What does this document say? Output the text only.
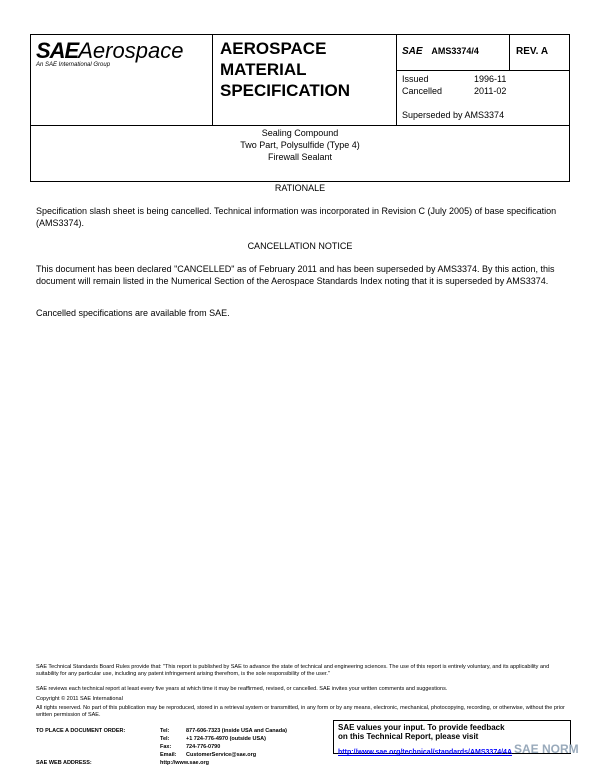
SAEAerospace
An SAE International Group
AEROSPACE
MATERIAL
SPECIFICATION
SAE AMS3374/4	REV. A
Issued	1996-11
Cancelled	2011-02
Superseded by AMS3374
Sealing Compound
Two Part, Polysulfide (Type 4)
Firewall Sealant
RATIONALE
Specification slash sheet is being cancelled. Technical information was incorporated in Revision C (July 2005) of base specification (AMS3374).
CANCELLATION NOTICE
This document has been declared "CANCELLED" as of February 2011 and has been superseded by AMS3374. By this action, this document will remain listed in the Numerical Section of the Aerospace Standards Index noting that it is superseded by AMS3374.
Cancelled specifications are available from SAE.
SAE Technical Standards Board Rules provide that: "This report is published by SAE to advance the state of technical and engineering sciences. The use of this report is entirely voluntary, and its applicability and suitability for any particular use, including any patent infringement arising therefrom, is the sole responsibility of the user."
SAE reviews each technical report at least every five years at which time it may be reaffirmed, revised, or cancelled. SAE invites your written comments and suggestions.
Copyright © 2011 SAE International
All rights reserved. No part of this publication may be reproduced, stored in a retrieval system or transmitted, in any form or by any means, electronic, mechanical, photocopying, recording, or otherwise, without the prior written permission of SAE.
TO PLACE A DOCUMENT ORDER:	Tel:	877-606-7323 (inside USA and Canada)
Tel:	+1 724-776-4970 (outside USA)
Fax:	724-776-0790
Email: CustomerService@sae.org
SAE WEB ADDRESS:	http://www.sae.org
SAE values your input. To provide feedback
on this Technical Report, please visit
http://www.sae.org/technical/standards/AMS3374/4A SAE NORM
